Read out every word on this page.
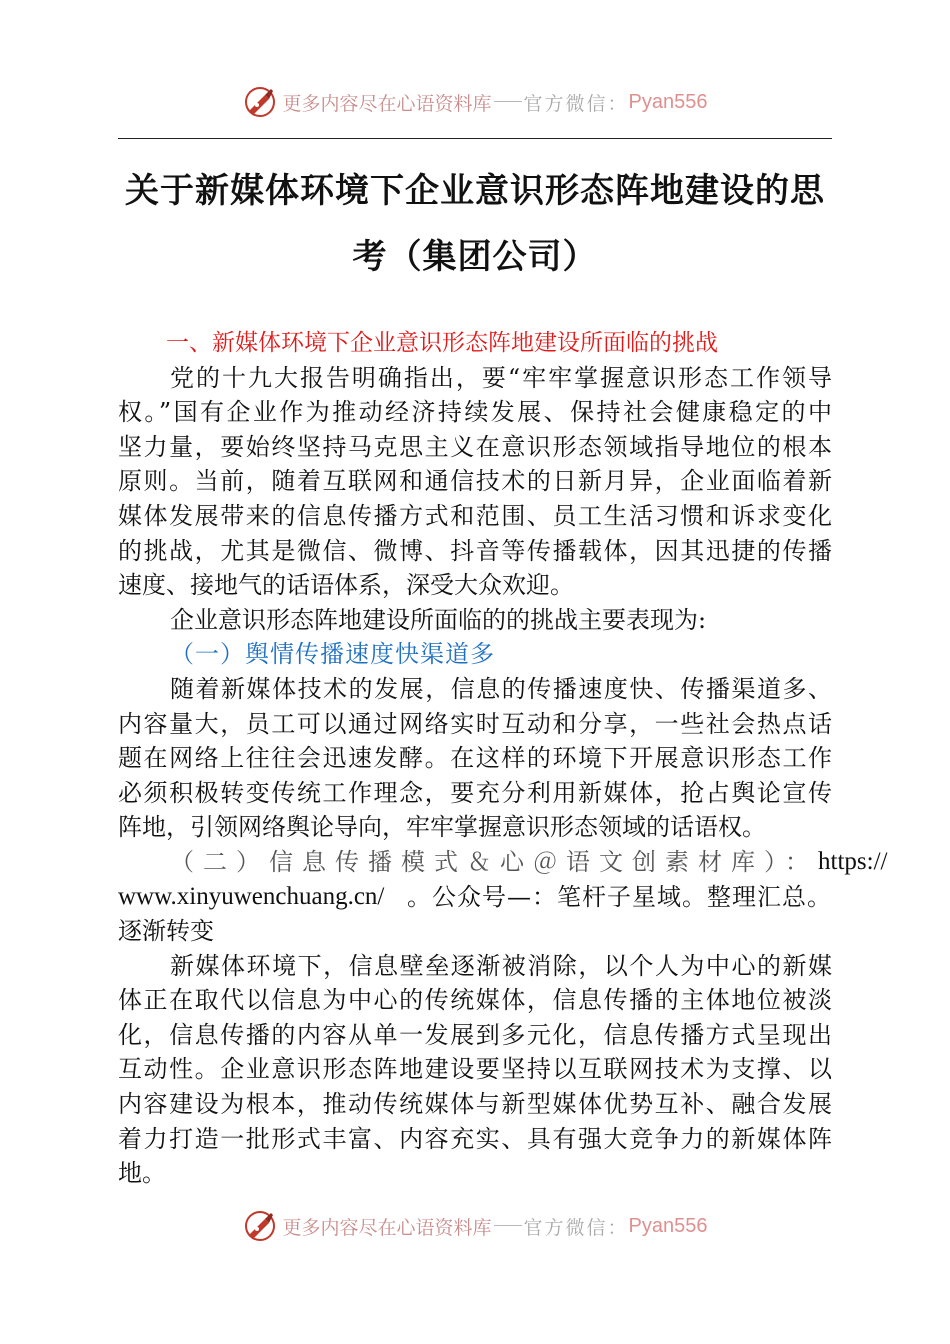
更多内容尽在心语资料库 官方微信： Pyan556
关于新媒体环境下企业意识形态阵地建设的思
考（集团公司）
一、新媒体环境下企业意识形态阵地建设所面临的挑战
党的十九大报告明确指出，要“牢牢掌握意识形态工作领导
权。”国有企业作为推动经济持续发展、保持社会健康稳定的中
坚力量，要始终坚持马克思主义在意识形态领域指导地位的根本
原则。当前，随着互联网和通信技术的日新月异，企业面临着新
媒体发展带来的信息传播方式和范围、员工生活习惯和诉求变化
的挑战，尤其是微信、微博、抖音等传播载体，因其迅捷的传播
速度、接地气的话语体系，深受大众欢迎。
企业意识形态阵地建设所面临的的挑战主要表现为:
（一）舆情传播速度快渠道多
随着新媒体技术的发展，信息的传播速度快、传播渠道多、
内容量大，员工可以通过网络实时互动和分享，一些社会热点话
题在网络上往往会迅速发酵。在这样的环境下开展意识形态工作
必须积极转变传统工作理念，要充分利用新媒体，抢占舆论宣传
阵地，引领网络舆论导向，牢牢掌握意识形态领域的话语权。
（二）信息传播模式＆心＠语文创素材库）： https://
www.xinyuwenchuang.cn/ 。公众号—：笔杆子星域。整理汇总。
逐渐转变
新媒体环境下，信息壁垒逐渐被消除，以个人为中心的新媒
体正在取代以信息为中心的传统媒体，信息传播的主体地位被淡
化，信息传播的内容从单一发展到多元化，信息传播方式呈现出
互动性。企业意识形态阵地建设要坚持以互联网技术为支撑、以
内容建设为根本，推动传统媒体与新型媒体优势互补、融合发展
着力打造一批形式丰富、内容充实、具有强大竞争力的新媒体阵
地。
更多内容尽在心语资料库 官方微信： Pyan556
